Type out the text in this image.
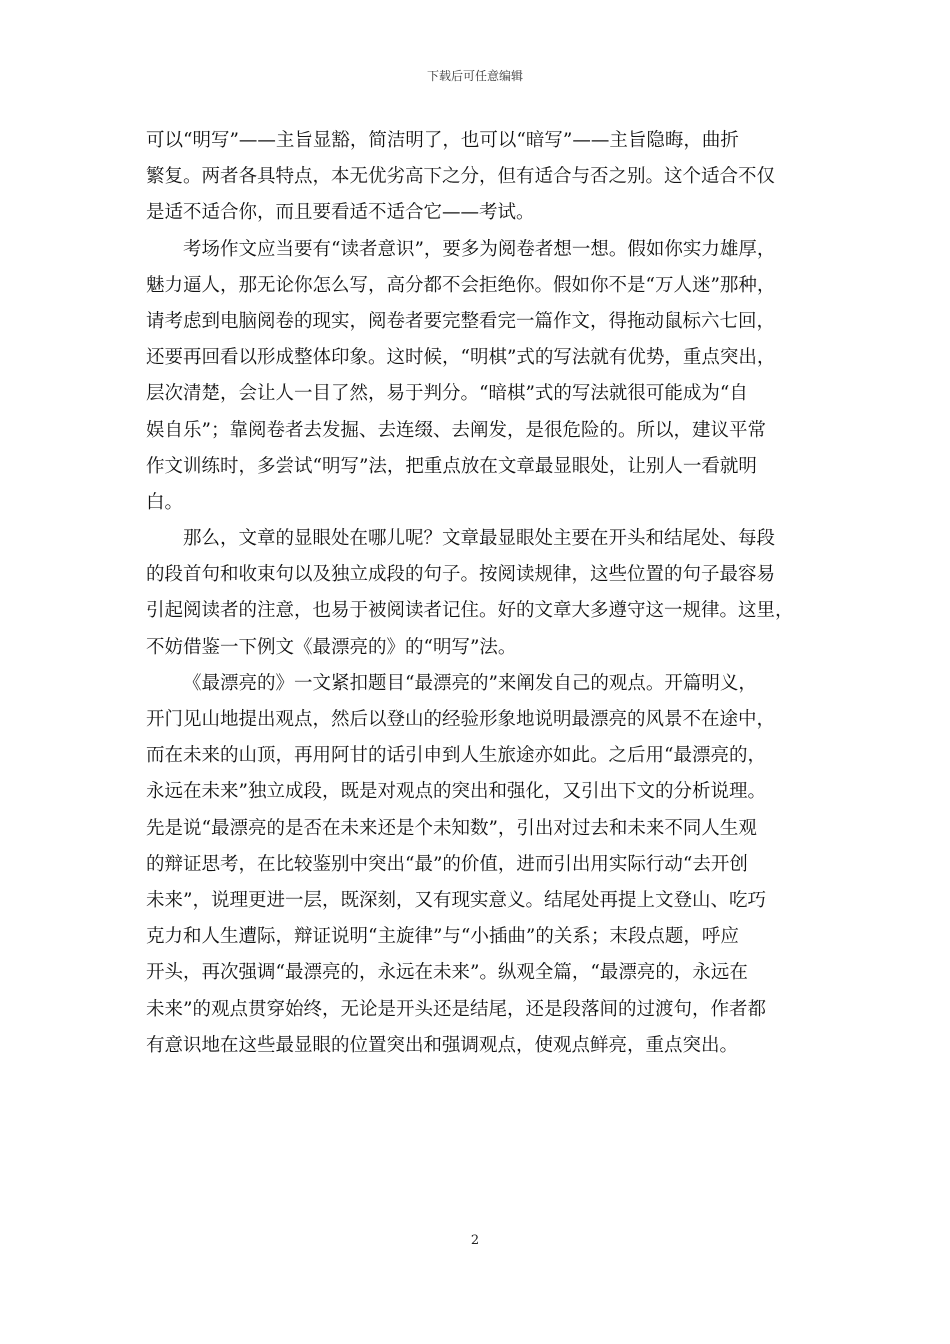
下载后可任意编辑
可以“明写”——主旨显豁，简洁明了，也可以“暗写”——主旨隐晦，曲折
繁复。两者各具特点，本无优劣高下之分，但有适合与否之别。这个适合不仅
是适不适合你，而且要看适不适合它——考试。
考场作文应当要有“读者意识”，要多为阅卷者想一想。假如你实力雄厚，
魅力逼人，那无论你怎么写，高分都不会拒绝你。假如你不是“万人迷”那种，
请考虑到电脑阅卷的现实，阅卷者要完整看完一篇作文，得拖动鼠标六七回，
还要再回看以形成整体印象。这时候，“明棋”式的写法就有优势，重点突出，
层次清楚，会让人一目了然，易于判分。“暗棋”式的写法就很可能成为“自
娱自乐”；靠阅卷者去发掘、去连缀、去阐发，是很危险的。所以，建议平常
作文训练时，多尝试“明写”法，把重点放在文章最显眼处，让别人一看就明
白。
那么，文章的显眼处在哪儿呢？文章最显眼处主要在开头和结尾处、每段
的段首句和收束句以及独立成段的句子。按阅读规律，这些位置的句子最容易
引起阅读者的注意，也易于被阅读者记住。好的文章大多遵守这一规律。这里，
不妨借鉴一下例文《最漂亮的》的“明写”法。
《最漂亮的》一文紧扣题目“最漂亮的”来阐发自己的观点。开篇明义，
开门见山地提出观点，然后以登山的经验形象地说明最漂亮的风景不在途中，
而在未来的山顶，再用阿甘的话引申到人生旅途亦如此。之后用“最漂亮的，
永远在未来”独立成段，既是对观点的突出和强化，又引出下文的分析说理。
先是说“最漂亮的是否在未来还是个未知数”，引出对过去和未来不同人生观
的辩证思考，在比较鉴别中突出“最”的价值，进而引出用实际行动“去开创
未来”，说理更进一层，既深刻，又有现实意义。结尾处再提上文登山、吃巧
克力和人生遭际，辩证说明“主旋律”与“小插曲”的关系；末段点题，呼应
开头，再次强调“最漂亮的，永远在未来”。纵观全篇，“最漂亮的，永远在
未来”的观点贯穿始终，无论是开头还是结尾，还是段落间的过渡句，作者都
有意识地在这些最显眼的位置突出和强调观点，使观点鲜亮，重点突出。
2
